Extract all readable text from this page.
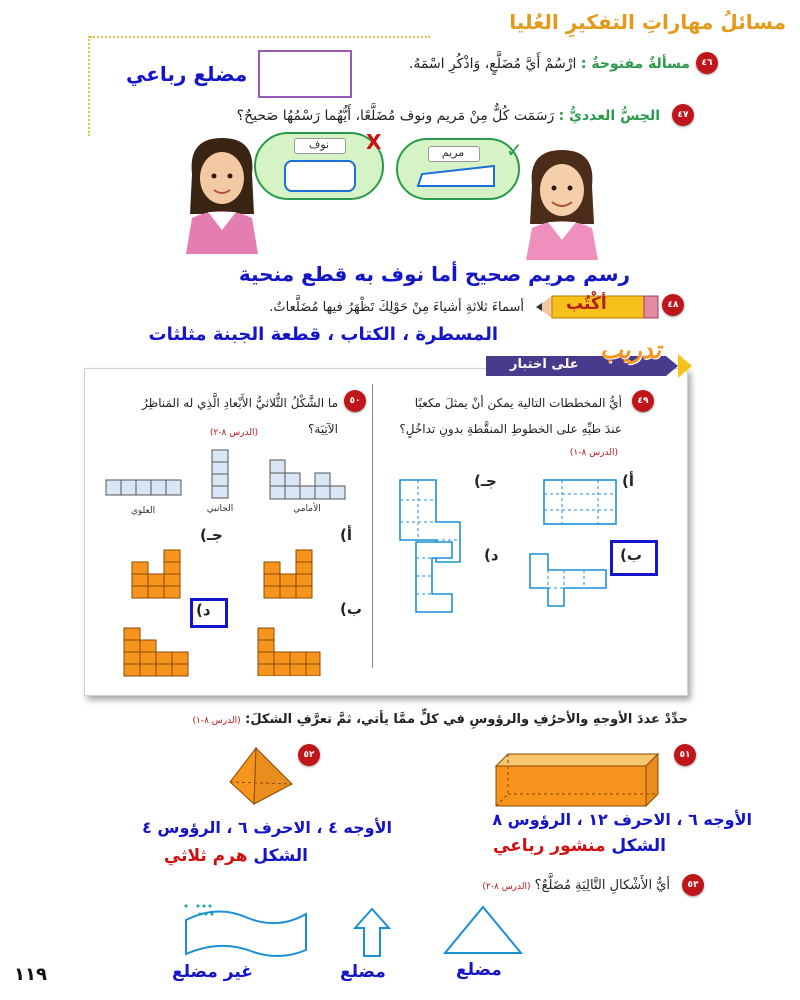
مسائلُ مهاراتِ التفكيرِ العُليا
٤٦
مسألةٌ مفتوحةٌ : ارْسُمْ أَيَّ مُضَلَّعٍ، وَاذْكُرِ اسْمَهُ.
مضلع رباعي
٤٧
الحِسُّ العدديُّ : رَسَمَت كُلٌّ مِنْ مَريم ونوف مُضَلَّعًا، أَيُّهُما رَسْمُهُا صَحيحٌ؟
نوف	X	مريم	✓
رسم مريم صحيح أما نوف به قطع منحية
٤٨
أكْتُب
أسماءَ ثلاثةِ أشياءَ مِنْ حَوْلِكَ تَظْهَرُ فيها مُضَلَّعاتٌ.
المسطرة ، الكتاب ، قطعة الجبنة مثلثات
على اختبار
تدريب
٤٩
أيُّ المخططات التالية يمكن أنْ يمثلَ مكعبًا
عندَ طيِّهِ على الخطوطِ المنقَّطةِ بدونِ تداخُلٍ؟
(الدرس ٨-١)
أ)
جـ)
ب)
د)
٥٠
ما الشَّكْلُ الثُّلاثيُّ الأَبْعادِ الَّذِي له المَناظِرُ
الآتِيَة؟
(الدرس ٨-٢)
الأمامي
الجانبي
العلوي
أ)
جـ)
ب)
د)
حدِّدْ عددَ الأوجهِ والأحرُفِ والرؤوسِ في كلٍّ ممَّا يأتي، ثمَّ تعرَّفِ الشكلَ: (الدرس ٨-١)
٥١
الأوجه ٦ ، الاحرف ١٢ ، الرؤوس ٨
الشكل منشور رباعي
٥٢
الأوجه ٤ ، الاحرف ٦ ، الرؤوس ٤
الشكل هرم ثلاثي
٥٣
أيُّ الأَشْكالِ التَّالِيَةِ مُضَلَّعٌ؟ (الدرس ٨-٢)
مضلع
مضلع
غير مضلع
١١٩
